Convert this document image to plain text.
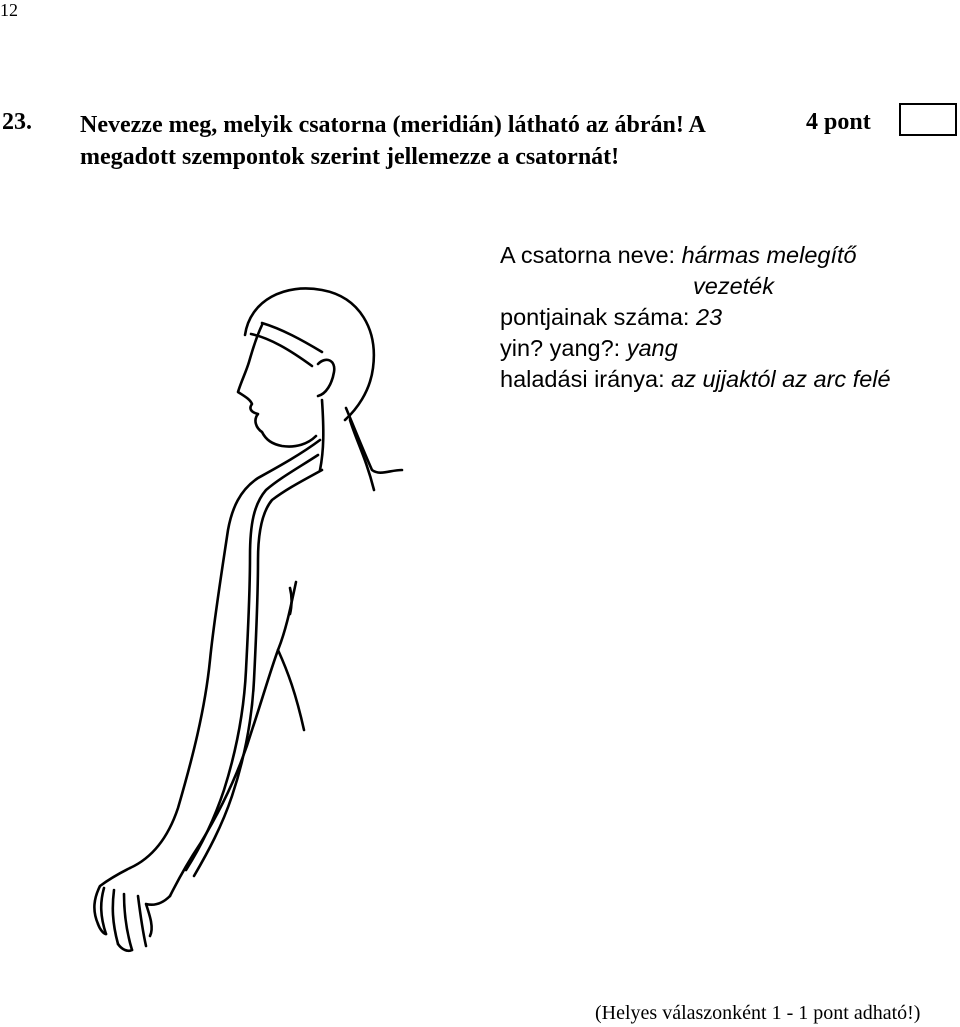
12
23. Nevezze meg, melyik csatorna (meridián) látható az ábrán! A megadott szempontok szerint jellemezze a csatornát!
4 pont
A csatorna neve: hármas melegítő
vezeték
pontjainak száma: 23
yin? yang?: yang
haladási iránya: az ujjaktól az arc felé
(Helyes válaszonként 1 - 1 pont adható!)
